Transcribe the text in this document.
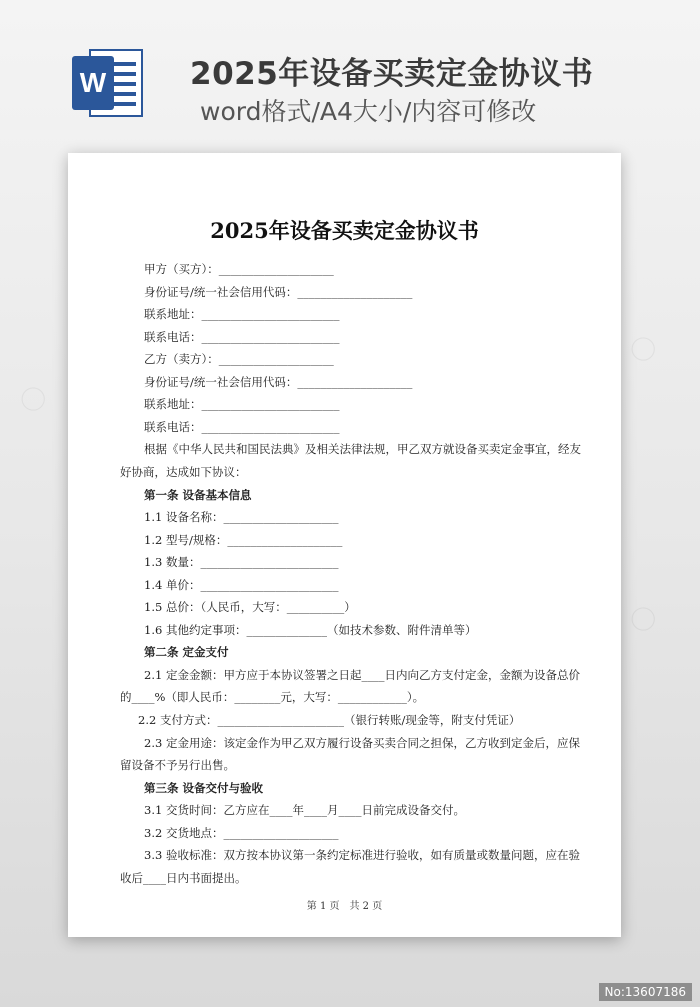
W	2025年设备买卖定金协议书
word格式/A4大小/内容可修改
〇
〇
〇
2025年设备买卖定金协议书
甲方（买方）：____________________
身份证号/统一社会信用代码：____________________
联系地址：________________________
联系电话：________________________
乙方（卖方）：____________________
身份证号/统一社会信用代码：____________________
联系地址：________________________
联系电话：________________________
根据《中华人民共和国民法典》及相关法律法规，甲乙双方就设备买卖定金事宜，经友
好协商，达成如下协议：
第一条 设备基本信息
1.1 设备名称：____________________
1.2 型号/规格：____________________
1.3 数量：________________________
1.4 单价：________________________
1.5 总价：（人民币，大写：__________）
1.6 其他约定事项：______________（如技术参数、附件清单等）
第二条 定金支付
2.1 定金金额：甲方应于本协议签署之日起____日内向乙方支付定金，金额为设备总价
的____%（即人民币：________元，大写：____________）。
2.2 支付方式：______________________（银行转账/现金等，附支付凭证）
2.3 定金用途：该定金作为甲乙双方履行设备买卖合同之担保，乙方收到定金后，应保
留设备不予另行出售。
第三条 设备交付与验收
3.1 交货时间：乙方应在____年____月____日前完成设备交付。
3.2 交货地点：____________________
3.3 验收标准：双方按本协议第一条约定标准进行验收，如有质量或数量问题，应在验
收后____日内书面提出。
第 1 页　共 2 页
No:13607186
